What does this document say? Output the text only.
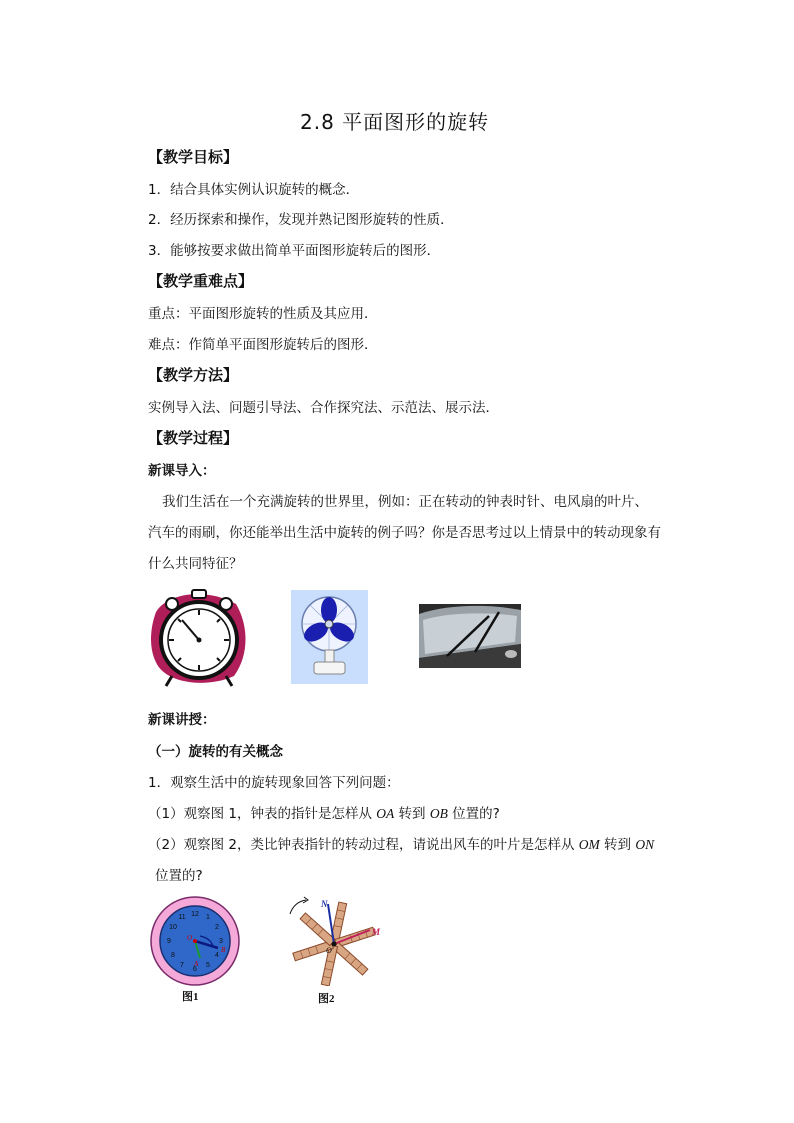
2.8 平面图形的旋转
【教学目标】
1．结合具体实例认识旋转的概念．
2．经历探索和操作，发现并熟记图形旋转的性质．
3．能够按要求做出简单平面图形旋转后的图形．
【教学重难点】
重点：平面图形旋转的性质及其应用．
难点：作简单平面图形旋转后的图形．
【教学方法】
实例导入法、问题引导法、合作探究法、示范法、展示法．
【教学过程】
新课导入：
我们生活在一个充满旋转的世界里，例如：正在转动的钟表时针、电风扇的叶片、
汽车的雨刷，你还能举出生活中旋转的例子吗？你是否思考过以上情景中的转动现象有
什么共同特征？
新课讲授：
（一）旋转的有关概念
1．观察生活中的旋转现象回答下列问题：
（1）观察图 1，钟表的指针是怎样从 OA 转到 OB 位置的?
（2）观察图 2，类比钟表指针的转动过程，请说出风车的叶片是怎样从 OM 转到 ON
位置的?
12 1
2
3
4
5
6
7
8
9
10
11
O
A
B
图1
N
M
O
图2
